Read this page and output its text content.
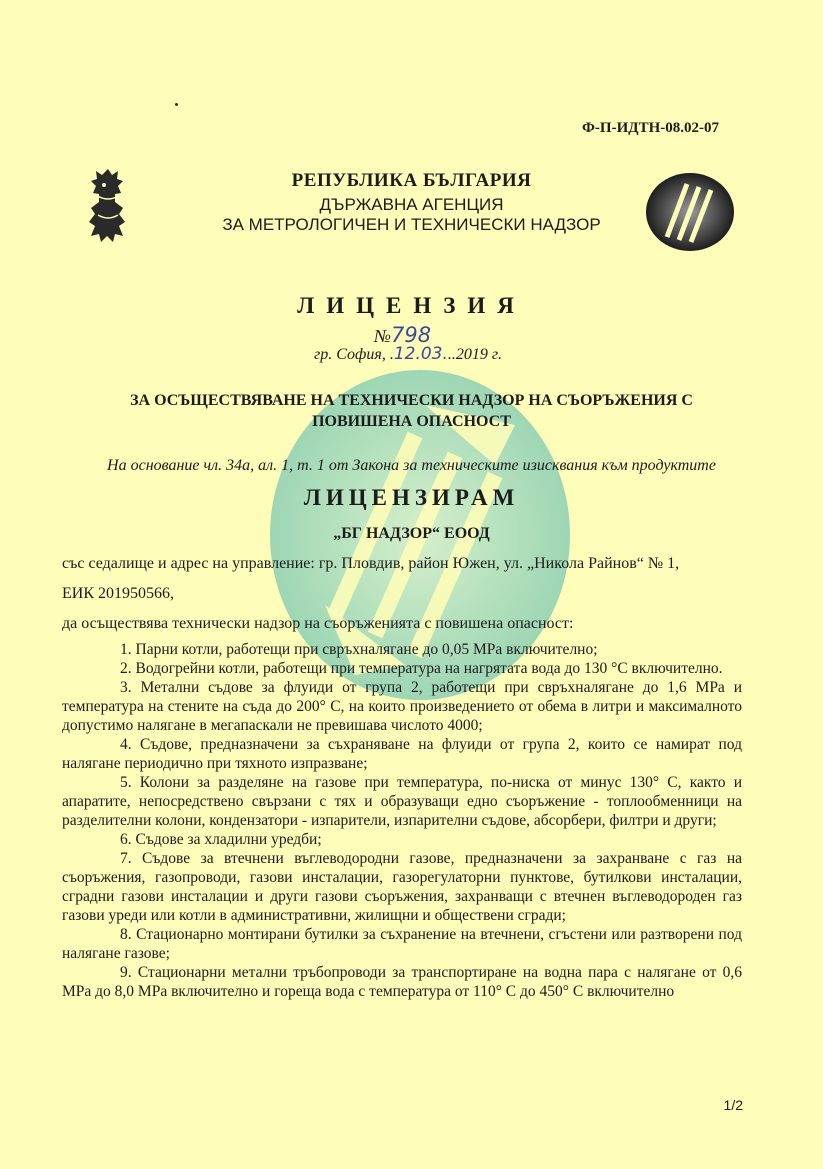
Ф-П-ИДТН-08.02-07
РЕПУБЛИКА БЪЛГАРИЯ
ДЪРЖАВНА АГЕНЦИЯ
ЗА МЕТРОЛОГИЧЕН И ТЕХНИЧЕСКИ НАДЗОР
ЛИЦЕНЗИЯ
№798
гр. София, .12.03...2019 г.
ЗА ОСЪЩЕСТВЯВАНЕ НА ТЕХНИЧЕСКИ НАДЗОР НА СЪОРЪЖЕНИЯ С
ПОВИШЕНА ОПАСНОСТ
На основание чл. 34а, ал. 1, т. 1 от Закона за техническите изисквания към продуктите
ЛИЦЕНЗИРАМ
„БГ НАДЗОР“ ЕООД
със седалище и адрес на управление: гр. Пловдив, район Южен, ул. „Никола Райнов“ № 1,
ЕИК 201950566,
да осъществява технически надзор на съоръженията с повишена опасност:

1. Парни котли, работещи при свръхналягане до 0,05 МРа включително;

2. Водогрейни котли, работещи при температура на нагрятата вода до 130 °С включително.

3. Метални съдове за флуиди от група 2, работещи при свръхналягане до 1,6 МРа и температура на стените на съда до 200° С, на които произведението от обема в литри и максималното допустимо налягане в мегапаскали не превишава числото 4000;

4. Съдове, предназначени за съхраняване на флуиди от група 2, които се намират под налягане периодично при тяхното изпразване;

5. Колони за разделяне на газове при температура, по-ниска от минус 130° С, както и апаратите, непосредствено свързани с тях и образуващи едно съоръжение - топлообменници на разделителни колони, кондензатори - изпарители, изпарителни съдове, абсорбери, филтри и други;

6. Съдове за хладилни уредби;

7. Съдове за втечнени въглеводородни газове, предназначени за захранване с газ на съоръжения, газопроводи, газови инсталации, газорегулаторни пунктове, бутилкови инсталации, сградни газови инсталации и други газови съоръжения, захранващи с втечнен въглеводороден газ газови уреди или котли в административни, жилищни и обществени сгради;

8. Стационарно монтирани бутилки за съхранение на втечнени, сгъстени или разтворени под налягане газове;

9. Стационарни метални тръбопроводи за транспортиране на водна пара с налягане от 0,6 МРа до 8,0 МРа включително и гореща вода с температура от 110° С до 450° С включително

1/2
